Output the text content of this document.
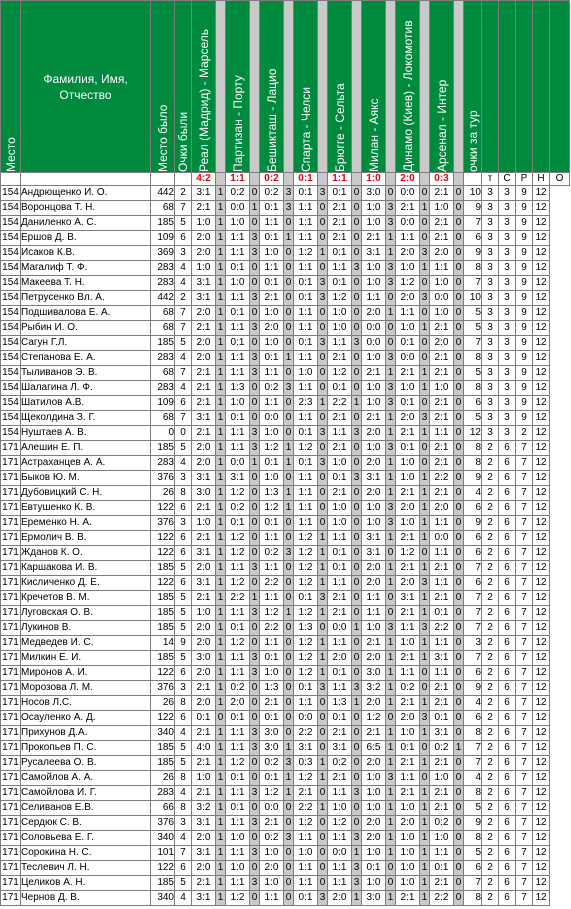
Место	Фамилия, Имя, Отчество	Место было	Очки были	Реал (Мадрид) - Марсель		Партизан - Порту		Бешикташ - Лацио		Спарта - Челси		Брюгге - Сельта		Милан - Аякс		Динамо (Киев) - Локомотив		Арсенал - Интер		очки за тур					

				4:2		1:1		0:2		0:1		1:1		1:0		2:0		0:3			т	С	Р	Н	О
154	Андрющенко И. О.	442	2	3:1	1	0:2	0	0:2	3	0:1	3	0:1	0	3:0	0	0:0	0	2:1	0	10	3	3	9	12	
154	Воронцова Т. Н.	68	7	2:1	1	0:0	1	0:1	3	1:1	0	2:1	0	1:0	3	2:1	1	1:0	0	9	3	3	9	12	
154	Даниленко А. С.	185	5	1:0	1	1:0	0	1:1	0	1:1	0	2:1	0	1:0	3	0:0	0	2:1	0	7	3	3	9	12	
154	Ершов Д. В.	109	6	2:0	1	1:1	3	0:1	1	1:1	0	2:1	0	2:1	1	1:1	0	2:1	0	6	3	3	9	12	
154	Исаков К.В.	369	3	2:0	1	1:1	3	1:0	0	1:2	1	0:1	0	3:1	1	2:0	3	2:0	0	9	3	3	9	12	
154	Магалиф Т. Ф.	283	4	1:0	1	0:1	0	1:1	0	1:1	0	1:1	3	1:0	3	1:0	1	1:1	0	8	3	3	9	12	
154	Макеева Т. Н.	283	4	3:1	1	1:0	0	0:1	0	0:1	3	0:1	0	1:0	3	1:2	0	1:0	0	7	3	3	9	12	
154	Петрусенко Вл. А.	442	2	3:1	1	1:1	3	2:1	0	0:1	3	1:2	0	1:1	0	2:0	3	0:0	0	10	3	3	9	12	
154	Подшивалова Е. А.	68	7	2:0	1	0:1	0	1:0	0	1:1	0	1:0	0	2:0	1	1:1	0	1:0	0	5	3	3	9	12	
154	Рыбин И. О.	68	7	2:1	1	1:1	3	2:0	0	1:1	0	1:0	0	0:0	0	1:0	1	2:1	0	5	3	3	9	12	
154	Сагун Г.Л.	185	5	2:0	1	0:1	0	1:0	0	0:1	3	1:1	3	0:0	0	0:1	0	2:0	0	7	3	3	9	12	
154	Степанова Е. А.	283	4	2:0	1	1:1	3	0:1	1	1:1	0	2:1	0	1:0	3	0:0	0	2:1	0	8	3	3	9	12	
154	Тыливанов Э. В.	68	7	2:1	1	1:1	3	1:1	0	1:0	0	1:2	0	2:1	1	2:1	1	2:1	0	5	3	3	9	12	
154	Шалагина Л. Ф.	283	4	2:1	1	1:3	0	0:2	3	1:1	0	0:1	0	1:0	3	1:0	1	1:0	0	8	3	3	9	12	
154	Шатилов А.В.	109	6	2:1	1	1:0	0	1:1	0	2:3	1	2:2	1	1:0	3	0:1	0	2:1	0	6	3	3	9	12	
154	Щеколдина З. Г.	68	7	3:1	1	0:1	0	0:0	0	1:1	0	2:1	0	2:1	1	2:0	3	2:1	0	5	3	3	9	12	
154	Нуштаев А. В.	0	0	2:1	1	1:1	3	1:0	0	0:1	3	1:1	3	2:0	1	2:1	1	1:1	0	12	3	3	2	12	
171	Алешин Е. П.	185	5	2:0	1	1:1	3	1:2	1	1:2	0	2:1	0	1:0	3	0:1	0	2:1	0	8	2	6	7	12	
171	Астраханцев А. А.	283	4	2:0	1	0:0	1	0:1	1	0:1	3	1:0	0	2:0	1	1:0	0	2:1	0	8	2	6	7	12	
171	Быков Ю. М.	376	3	3:1	1	3:1	0	1:0	0	1:1	0	0:1	3	3:1	1	1:0	1	2:2	0	9	2	6	7	12	
171	Дубовицкий С. Н.	26	8	3:0	1	1:2	0	1:3	1	1:1	0	2:1	0	2:0	1	2:1	1	2:1	0	4	2	6	7	12	
171	Евтушенко К. В.	122	6	2:1	1	0:2	0	1:2	1	1:1	0	1:0	0	1:0	3	2:0	1	2:0	0	6	2	6	7	12	
171	Еременко Н. А.	376	3	1:0	1	0:1	0	0:1	0	1:1	0	1:0	0	1:0	3	1:0	1	1:1	0	9	2	6	7	12	
171	Ермолич В. В.	122	6	2:1	1	1:2	0	1:1	0	1:2	1	1:1	0	3:1	1	2:1	1	0:0	0	6	2	6	7	12	
171	Жданов К. О.	122	6	3:1	1	1:2	0	0:2	3	1:2	1	0:1	0	3:1	0	1:2	0	1:1	0	6	2	6	7	12	
171	Каршакова И. В.	185	5	2:0	1	1:1	3	1:1	0	1:2	1	0:1	0	2:0	1	2:1	1	2:1	0	7	2	6	7	12	
171	Кисличенко Д. Е.	122	6	3:1	1	1:2	0	2:2	0	1:2	1	1:1	0	2:0	1	2:0	3	1:1	0	6	2	6	7	12	
171	Кречетов В. М.	185	5	2:1	1	2:2	1	1:1	0	0:1	3	2:1	0	1:1	0	3:1	1	2:1	0	7	2	6	7	12	
171	Луговская О. В.	185	5	1:0	1	1:1	3	1:2	1	1:2	1	2:1	0	1:1	0	2:1	1	0:1	0	7	2	6	7	12	
171	Лукинов В.	185	5	2:0	1	0:1	0	2:2	0	1:3	0	0:0	1	1:0	3	1:1	3	2:2	0	7	2	6	7	12	
171	Медведев И. С.	14	9	2:0	1	1:2	0	1:1	0	1:2	1	1:1	0	2:1	1	1:0	1	1:1	0	3	2	6	7	12	
171	Милкин Е. И.	185	5	3:0	1	1:1	3	0:1	0	1:2	1	2:0	0	2:0	1	2:1	1	3:1	0	7	2	6	7	12	
171	Миронов А. И.	122	6	2:0	1	1:1	3	1:0	0	1:2	1	0:1	0	3:0	1	1:1	0	1:1	0	6	2	6	7	12	
171	Морозова Л. М.	376	3	2:1	1	0:2	0	1:3	0	0:1	3	1:1	3	3:2	1	0:2	0	2:1	0	9	2	6	7	12	
171	Носов Л.С.	26	8	2:0	1	2:0	0	2:1	0	1:1	0	1:3	1	2:0	1	2:1	1	2:1	0	4	2	6	7	12	
171	Осауленко А. Д.	122	6	0:1	0	0:1	0	0:1	0	0:0	0	0:1	0	1:2	0	2:0	3	0:1	0	6	2	6	7	12	
171	Прихунов Д.А.	340	4	2:1	1	1:1	3	3:0	0	2:2	0	2:1	0	2:1	1	1:0	1	3:1	0	8	2	6	7	12	
171	Прокопьев П. С.	185	5	4:0	1	1:1	3	3:0	1	3:1	0	3:1	0	6:5	1	0:1	0	0:2	1	7	2	6	7	12	
171	Русалеева О. В.	185	5	2:1	1	1:2	0	0:2	3	0:3	1	0:2	0	2:0	1	2:1	1	2:1	0	7	2	6	7	12	
171	Самойлов А. А.	26	8	1:0	1	0:1	0	0:1	1	1:2	1	2:1	0	1:0	3	1:1	0	1:0	0	4	2	6	7	12	
171	Самойлова И. Г.	283	4	2:1	1	1:1	3	1:2	1	2:1	0	1:1	3	1:0	1	2:1	1	2:1	0	8	2	6	7	12	
171	Селиванов Е.В.	66	8	3:2	1	0:1	0	0:0	0	2:2	1	1:0	0	1:0	1	1:0	1	2:1	0	5	2	6	7	12	
171	Сердюк С. В.	376	3	3:1	1	1:1	3	2:1	0	1:2	0	1:2	0	2:0	1	2:0	1	0:2	0	9	2	6	7	12	
171	Соловьева Е. Г.	340	4	2:0	1	1:0	0	0:2	3	1:1	0	1:1	3	2:0	1	1:0	1	1:0	0	8	2	6	7	12	
171	Сорокина Н. С.	101	7	3:1	1	1:1	3	1:0	0	1:0	0	0:0	1	1:0	1	1:0	1	1:1	0	5	2	6	7	12	
171	Теслевич Л. Н.	122	6	2:0	1	1:0	0	2:0	0	1:1	0	1:1	3	0:1	0	1:0	1	0:1	0	6	2	6	7	12	
171	Целиков А. Н.	185	5	2:1	1	1:1	3	1:0	0	1:1	0	1:1	3	1:0	0	1:0	1	2:1	0	7	2	6	7	12	
171	Чернов Д. В.	340	4	3:1	1	1:2	0	1:1	0	0:1	3	2:0	1	3:0	1	2:1	1	2:2	0	8	2	6	7	12	
